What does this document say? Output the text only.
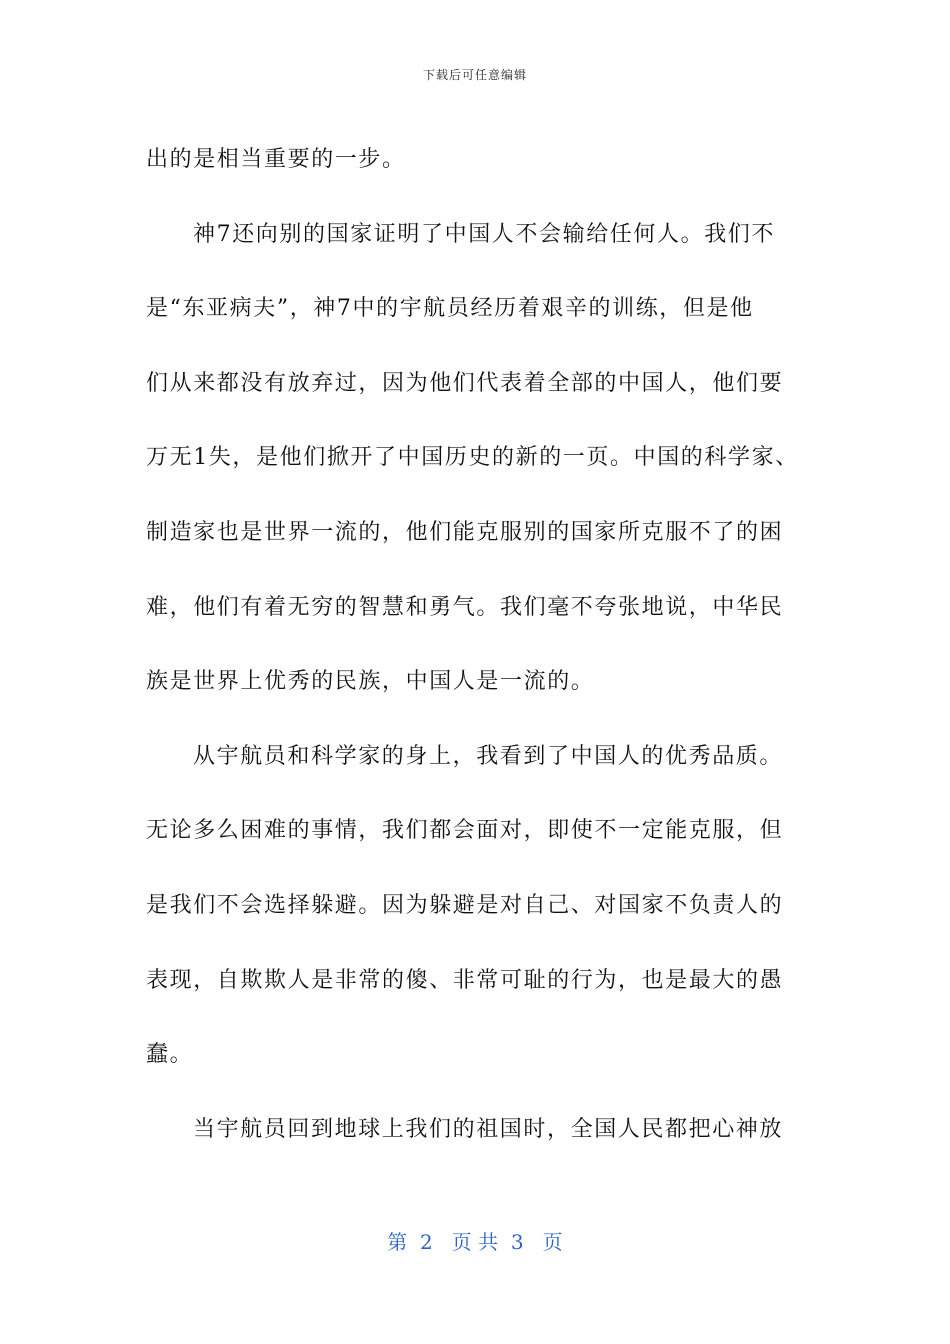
下载后可任意编辑
出的是相当重要的一步。
神7还向别的国家证明了中国人不会输给任何人。我们不
是“东亚病夫”，神7中的宇航员经历着艰辛的训练，但是他
们从来都没有放弃过，因为他们代表着全部的中国人，他们要
万无1失，是他们掀开了中国历史的新的一页。中国的科学家、
制造家也是世界一流的，他们能克服别的国家所克服不了的困
难，他们有着无穷的智慧和勇气。我们毫不夸张地说，中华民
族是世界上优秀的民族，中国人是一流的。
从宇航员和科学家的身上，我看到了中国人的优秀品质。
无论多么困难的事情，我们都会面对，即使不一定能克服，但
是我们不会选择躲避。因为躲避是对自己、对国家不负责人的
表现，自欺欺人是非常的傻、非常可耻的行为，也是最大的愚
蠢。
当宇航员回到地球上我们的祖国时，全国人民都把心神放
第  2   页 共  3   页
